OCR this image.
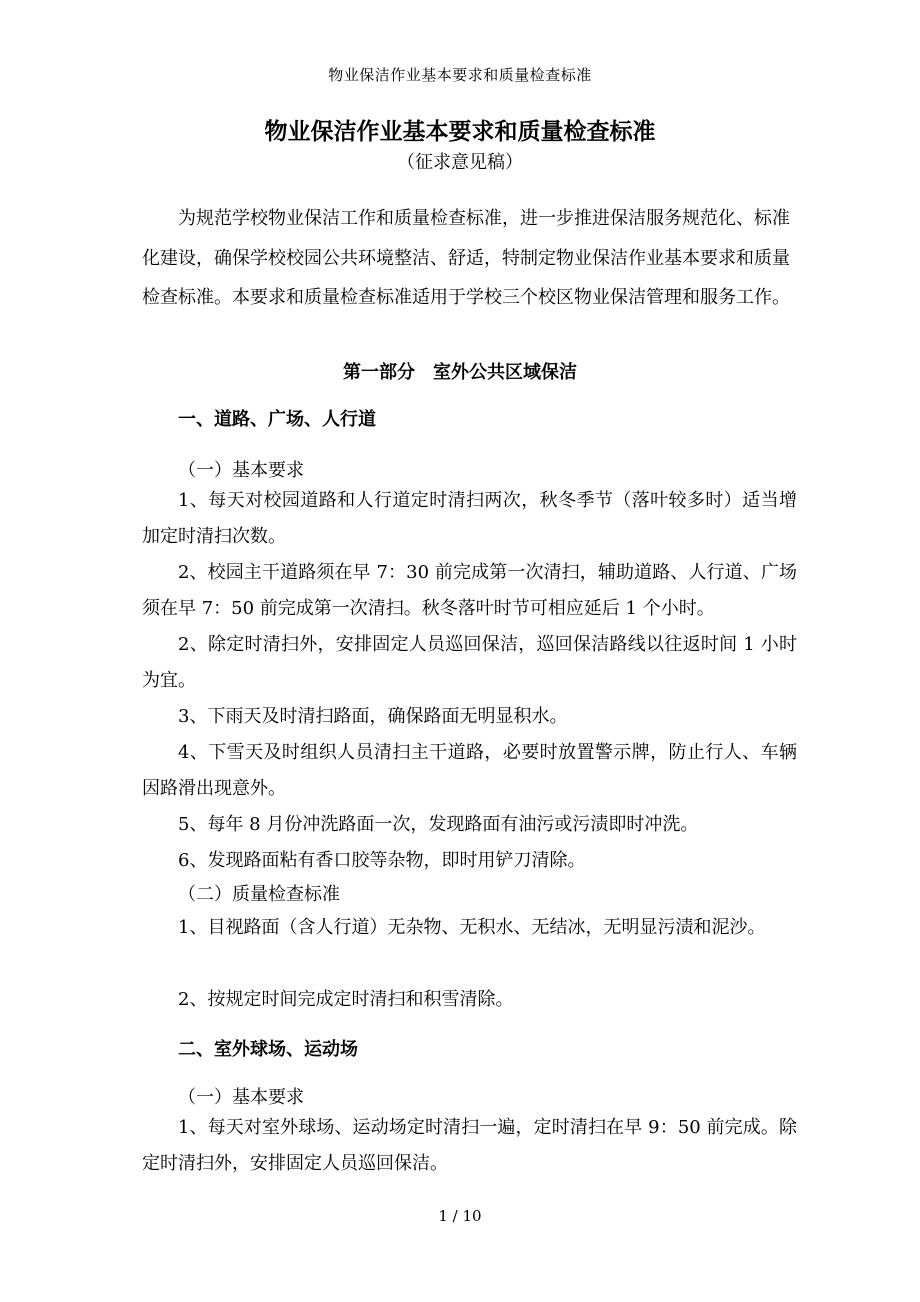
物业保洁作业基本要求和质量检查标准
物业保洁作业基本要求和质量检查标准
（征求意见稿）

为规范学校物业保洁工作和质量检查标准，进一步推进保洁服务规范化、标准化建设，确保学校校园公共环境整洁、舒适，特制定物业保洁作业基本要求和质量检查标准。本要求和质量检查标准适用于学校三个校区物业保洁管理和服务工作。

第一部分　室外公共区域保洁
一、道路、广场、人行道
（一）基本要求

1、每天对校园道路和人行道定时清扫两次，秋冬季节（落叶较多时）适当增加定时清扫次数。

2、校园主干道路须在早 7：30 前完成第一次清扫，辅助道路、人行道、广场须在早 7：50 前完成第一次清扫。秋冬落叶时节可相应延后 1 个小时。

2、除定时清扫外，安排固定人员巡回保洁，巡回保洁路线以往返时间 1 小时为宜。

3、下雨天及时清扫路面，确保路面无明显积水。

4、下雪天及时组织人员清扫主干道路，必要时放置警示牌，防止行人、车辆因路滑出现意外。

5、每年 8 月份冲洗路面一次，发现路面有油污或污渍即时冲洗。

6、发现路面粘有香口胶等杂物，即时用铲刀清除。

（二）质量检查标准

1、目视路面（含人行道）无杂物、无积水、无结冰，无明显污渍和泥沙。

2、按规定时间完成定时清扫和积雪清除。

二、室外球场、运动场
（一）基本要求

1、每天对室外球场、运动场定时清扫一遍，定时清扫在早 9：50 前完成。除定时清扫外，安排固定人员巡回保洁。

1 / 10
